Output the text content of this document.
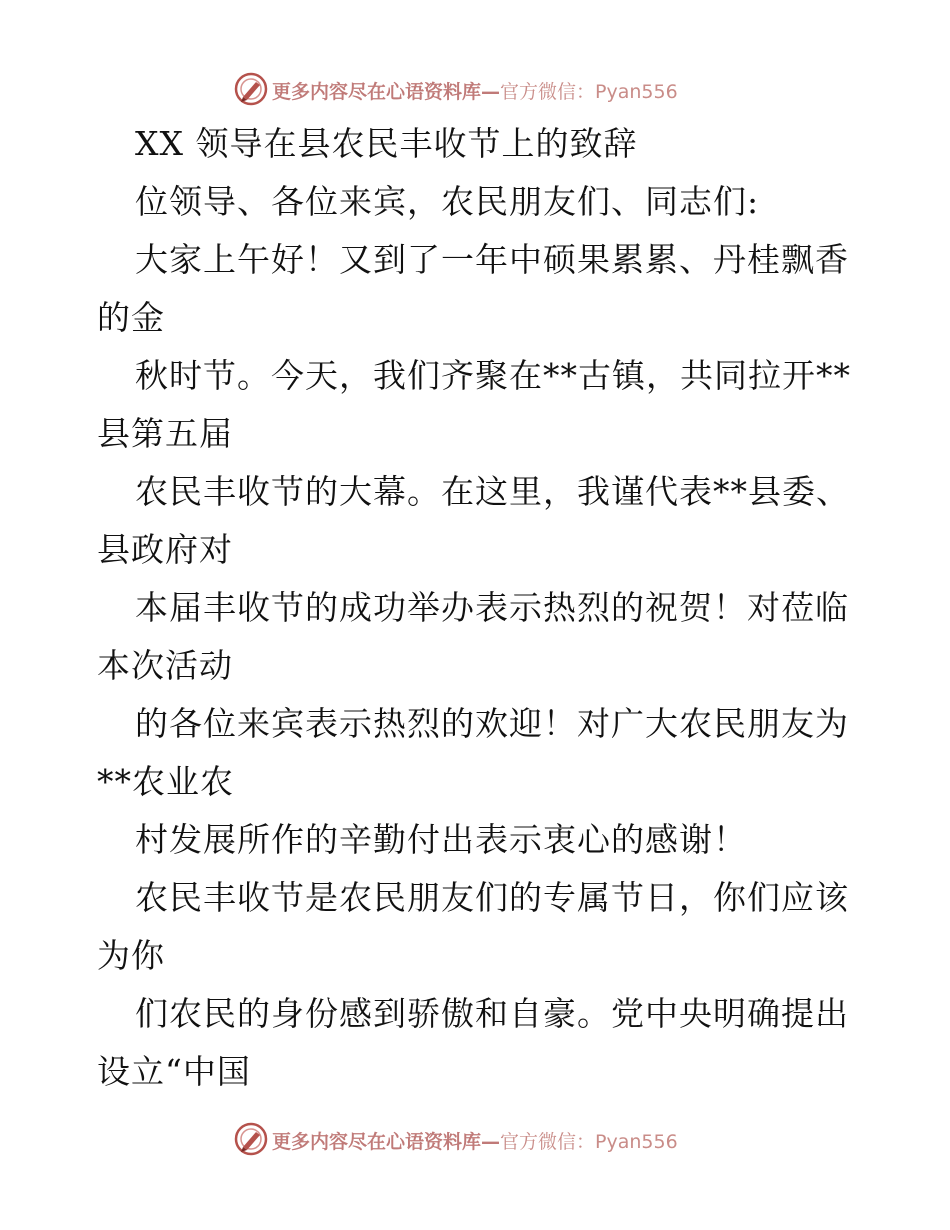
更多内容尽在心语资料库—官方微信：Pyan556
XX 领导在县农民丰收节上的致辞
位领导、各位来宾，农民朋友们、同志们:
大家上午好！又到了一年中硕果累累、丹桂飘香
的金
秋时节。今天，我们齐聚在**古镇，共同拉开**
县第五届
农民丰收节的大幕。在这里，我谨代表**县委、
县政府对
本届丰收节的成功举办表示热烈的祝贺！对莅临
本次活动
的各位来宾表示热烈的欢迎！对广大农民朋友为
**农业农
村发展所作的辛勤付出表示衷心的感谢！
农民丰收节是农民朋友们的专属节日，你们应该
为你
们农民的身份感到骄傲和自豪。党中央明确提出
设立“中国
更多内容尽在心语资料库—官方微信：Pyan556
